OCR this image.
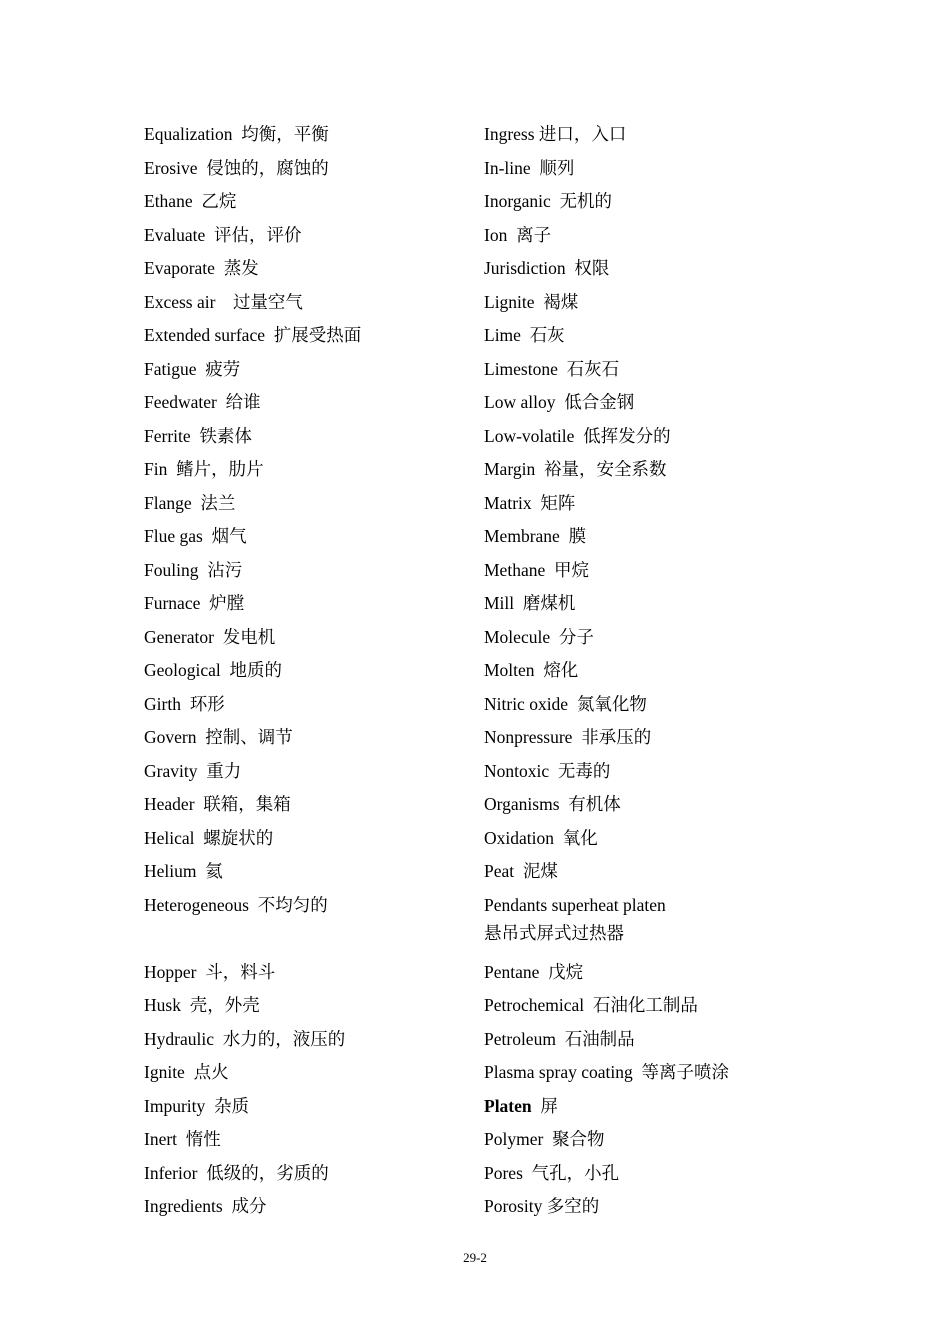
Equalization 均衡，平衡
Erosive 侵蚀的，腐蚀的
Ethane 乙烷
Evaluate 评估，评价
Evaporate 蒸发
Excess air 过量空气
Extended surface 扩展受热面
Fatigue 疲劳
Feedwater 给谁
Ferrite 铁素体
Fin 鳍片，肋片
Flange 法兰
Flue gas 烟气
Fouling 沾污
Furnace 炉膛
Generator 发电机
Geological 地质的
Girth 环形
Govern 控制、调节
Gravity 重力
Header 联箱，集箱
Helical 螺旋状的
Helium 氦
Heterogeneous 不均匀的
Hopper 斗，料斗
Husk 壳，外壳
Hydraulic 水力的，液压的
Ignite 点火
Impurity 杂质
Inert 惰性
Inferior 低级的，劣质的
Ingredients 成分
Ingress 进口，入口
In-line 顺列
Inorganic 无机的
Ion 离子
Jurisdiction 权限
Lignite 褐煤
Lime 石灰
Limestone 石灰石
Low alloy 低合金钢
Low-volatile 低挥发分的
Margin 裕量，安全系数
Matrix 矩阵
Membrane 膜
Methane 甲烷
Mill 磨煤机
Molecule 分子
Molten 熔化
Nitric oxide 氮氧化物
Nonpressure 非承压的
Nontoxic 无毒的
Organisms 有机体
Oxidation 氧化
Peat 泥煤
Pendants superheat platen
悬吊式屏式过热器
Pentane 戊烷
Petrochemical 石油化工制品
Petroleum 石油制品
Plasma spray coating 等离子喷涂
Platen 屏
Polymer 聚合物
Pores 气孔，小孔
Porosity 多空的
29-2
